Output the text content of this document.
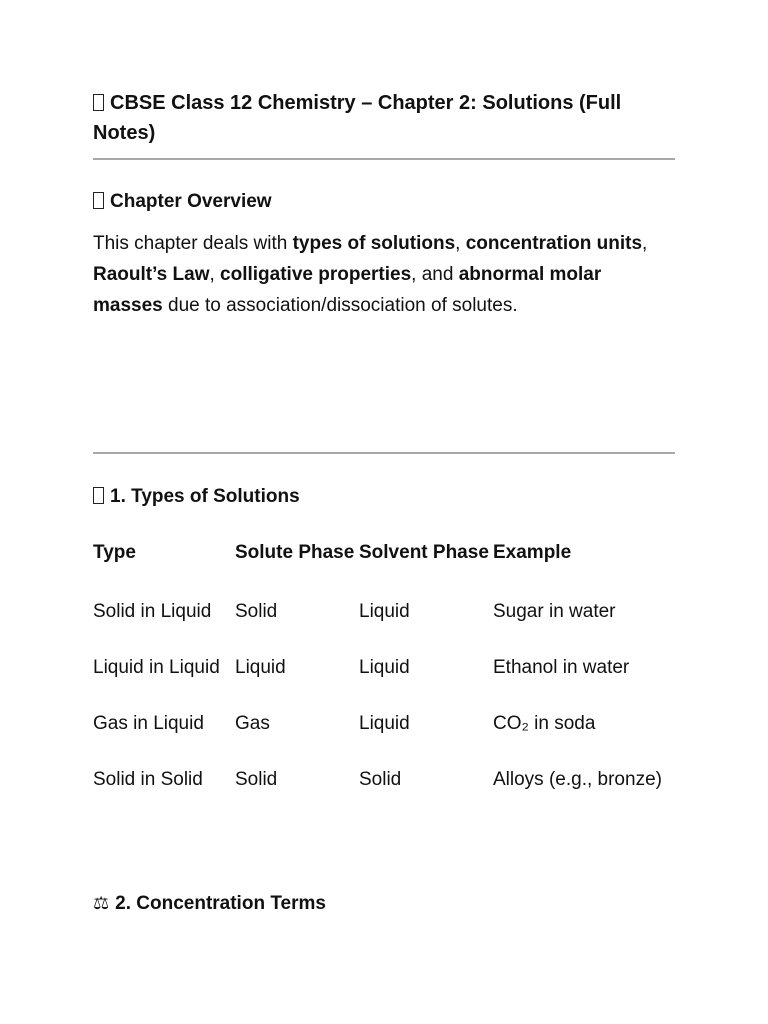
CBSE Class 12 Chemistry – Chapter 2: Solutions (Full Notes)
Chapter Overview

This chapter deals with types of solutions, concentration units, Raoult’s Law, colligative properties, and abnormal molar masses due to association/dissociation of solutes.

1. Types of Solutions
Type	Solute Phase	Solvent Phase	Example
Solid in Liquid	Solid	Liquid	Sugar in water
Liquid in Liquid	Liquid	Liquid	Ethanol in water
Gas in Liquid	Gas	Liquid	CO₂ in soda
Solid in Solid	Solid	Solid	Alloys (e.g., bronze)
⚖ 2. Concentration Terms
